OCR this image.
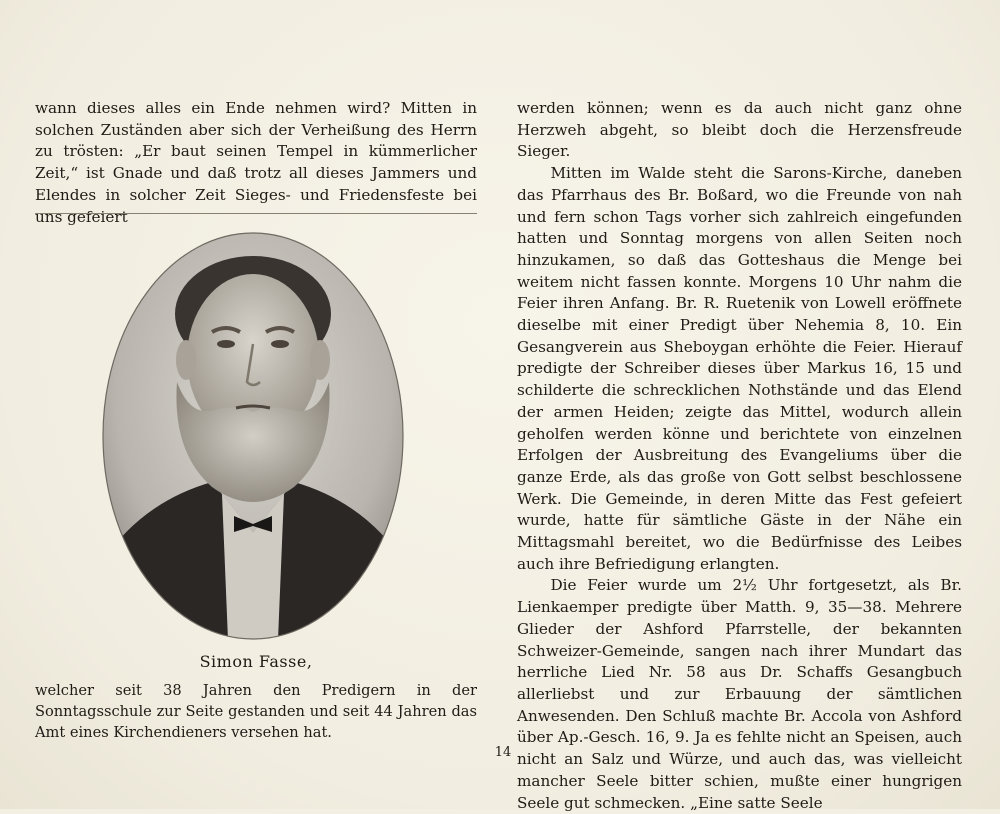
wann dieses alles ein Ende nehmen wird? Mitten in solchen Zuständen aber sich der Verheißung des Herrn zu trösten: „Er baut seinen Tempel in kümmerlicher Zeit,“ ist Gnade und daß trotz all dieses Jammers und Elendes in solcher Zeit Sieges- und Friedensfeste bei uns gefeiert

Simon Fasse,
welcher seit 38 Jahren den Predigern in der Sonntagsschule zur Seite gestanden und seit 44 Jahren das Amt eines Kirchendieners versehen hat.

werden können; wenn es da auch nicht ganz ohne Herzweh abgeht, so bleibt doch die Herzensfreude Sieger.

Mitten im Walde steht die Sarons-Kirche, daneben das Pfarrhaus des Br. Boßard, wo die Freunde von nah und fern schon Tags vorher sich zahlreich eingefunden hatten und Sonntag morgens von allen Seiten noch hinzukamen, so daß das Gotteshaus die Menge bei weitem nicht fassen konnte. Morgens 10 Uhr nahm die Feier ihren Anfang. Br. R. Ruetenik von Lowell eröffnete dieselbe mit einer Predigt über Nehemia 8, 10. Ein Gesangverein aus Sheboygan erhöhte die Feier. Hierauf predigte der Schreiber dieses über Markus 16, 15 und schilderte die schrecklichen Nothstände und das Elend der armen Heiden; zeigte das Mittel, wodurch allein geholfen werden könne und berichtete von einzelnen Erfolgen der Ausbreitung des Evangeliums über die ganze Erde, als das große von Gott selbst beschlossene Werk. Die Gemeinde, in deren Mitte das Fest gefeiert wurde, hatte für sämtliche Gäste in der Nähe ein Mittagsmahl bereitet, wo die Bedürfnisse des Leibes auch ihre Befriedigung erlangten.

Die Feier wurde um 2½ Uhr fortgesetzt, als Br. Lienkaemper predigte über Matth. 9, 35—38. Mehrere Glieder der Ashford Pfarrstelle, der bekannten Schweizer-Gemeinde, sangen nach ihrer Mundart das herrliche Lied Nr. 58 aus Dr. Schaffs Gesangbuch allerliebst und zur Erbauung der sämtlichen Anwesenden. Den Schluß machte Br. Accola von Ashford über Ap.-Gesch. 16, 9. Ja es fehlte nicht an Speisen, auch nicht an Salz und Würze, und auch das, was vielleicht mancher Seele bitter schien, mußte einer hungrigen Seele gut schmecken. „Eine satte Seele

14
